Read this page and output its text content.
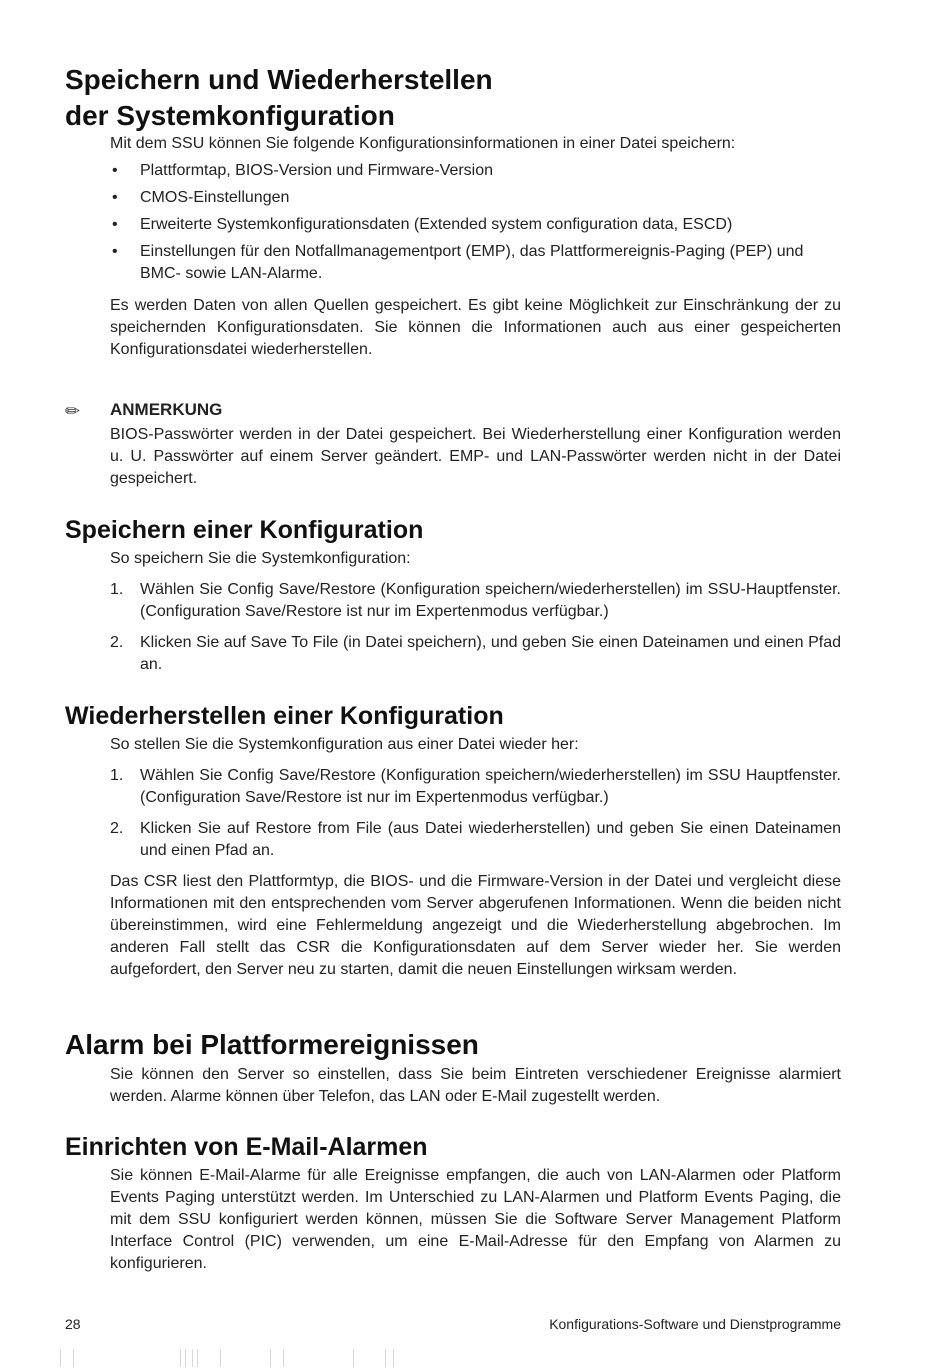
Speichern und Wiederherstellen
der Systemkonfiguration

Mit dem SSU können Sie folgende Konfigurationsinformationen in einer Datei speichern:

• Plattformtap, BIOS-Version und Firmware-Version
• CMOS-Einstellungen
• Erweiterte Systemkonfigurationsdaten (Extended system configuration data, ESCD)
• Einstellungen für den Notfallmanagementport (EMP), das Plattformereignis-Paging (PEP) und BMC- sowie LAN-Alarme.

Es werden Daten von allen Quellen gespeichert. Es gibt keine Möglichkeit zur Einschränkung der zu speichernden Konfigurationsdaten. Sie können die Informationen auch aus einer gespeicherten Konfigurationsdatei wiederherstellen.

✏ ANMERKUNG

BIOS-Passwörter werden in der Datei gespeichert. Bei Wiederherstellung einer Konfiguration werden u. U. Passwörter auf einem Server geändert. EMP- und LAN-Passwörter werden nicht in der Datei gespeichert.

Speichern einer Konfiguration

So speichern Sie die Systemkonfiguration:

1. Wählen Sie Config Save/Restore (Konfiguration speichern/wiederherstellen) im SSU-Hauptfenster. (Configuration Save/Restore ist nur im Expertenmodus verfügbar.)
2. Klicken Sie auf Save To File (in Datei speichern), und geben Sie einen Dateinamen und einen Pfad an.
Wiederherstellen einer Konfiguration

So stellen Sie die Systemkonfiguration aus einer Datei wieder her:

1. Wählen Sie Config Save/Restore (Konfiguration speichern/wiederherstellen) im SSU Hauptfenster. (Configuration Save/Restore ist nur im Expertenmodus verfügbar.)
2. Klicken Sie auf Restore from File (aus Datei wiederherstellen) und geben Sie einen Dateinamen und einen Pfad an.

Das CSR liest den Plattformtyp, die BIOS- und die Firmware-Version in der Datei und vergleicht diese Informationen mit den entsprechenden vom Server abgerufenen Informationen. Wenn die beiden nicht übereinstimmen, wird eine Fehlermeldung angezeigt und die Wiederherstellung abgebrochen. Im anderen Fall stellt das CSR die Konfigurationsdaten auf dem Server wieder her. Sie werden aufgefordert, den Server neu zu starten, damit die neuen Einstellungen wirksam werden.

Alarm bei Plattformereignissen

Sie können den Server so einstellen, dass Sie beim Eintreten verschiedener Ereignisse alarmiert werden. Alarme können über Telefon, das LAN oder E-Mail zugestellt werden.

Einrichten von E-Mail-Alarmen

Sie können E-Mail-Alarme für alle Ereignisse empfangen, die auch von LAN-Alarmen oder Platform Events Paging unterstützt werden. Im Unterschied zu LAN-Alarmen und Platform Events Paging, die mit dem SSU konfiguriert werden können, müssen Sie die Software Server Management Platform Interface Control (PIC) verwenden, um eine E-Mail-Adresse für den Empfang von Alarmen zu konfigurieren.

28	Konfigurations-Software und Dienstprogramme
